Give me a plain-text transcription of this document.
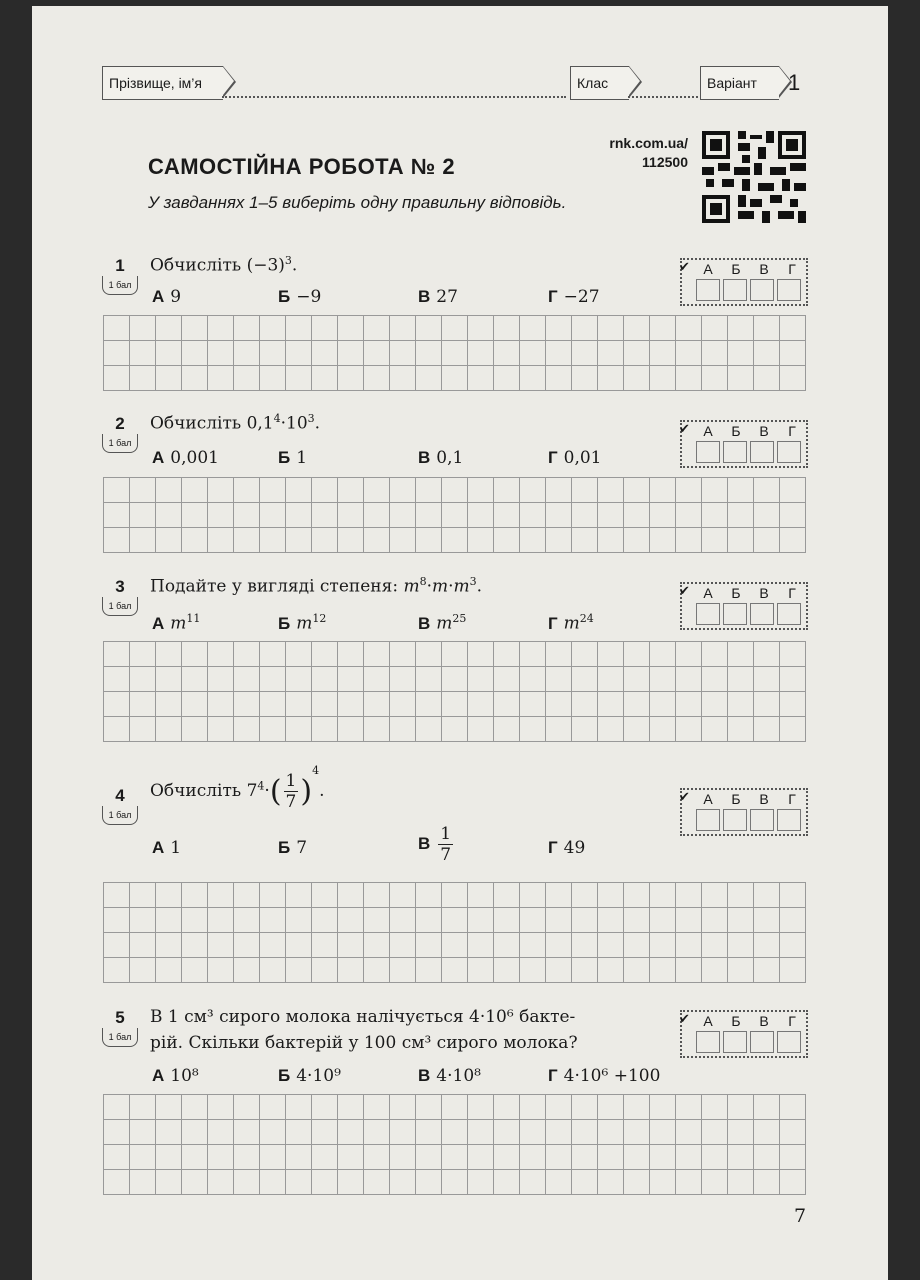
Прізвище, ім’я	Клас	Варіант 1
САМОСТІЙНА РОБОТА № 2
У завданнях 1–5 виберіть одну правильну відповідь.
rnk.com.ua/
112500
1
1 бал
Обчисліть $(-3)^3$.
А 9	Б −9	В 27	Г −27
✔ А	Б	В	Г
2
1 бал
Обчисліть $0,1^4\cdot 10^3$.
А 0,001	Б 1	В 0,1	Г 0,01
✔ А	Б	В	Г
3
1 бал
Подайте у вигляді степеня: $m^8\cdot m\cdot m^3$.
А $m^{11}$	Б $m^{12}$	В $m^{25}$	Г $m^{24}$
✔ А	Б	В	Г
4
1 бал
Обчисліть $7^4\cdot( \frac{1}{7} )^4$.
А 1	Б 7	В $\frac{1}{7}$	Г 49
✔ А	Б	В	Г
5
1 бал
В 1 см³ сирого молока налічується 4·10⁶ бакте-
рій. Скільки бактерій у 100 см³ сирого молока?
А 10⁸	Б 4·10⁹	В 4·10⁸	Г 4·10⁶ +100
✔ А	Б	В	Г
7
